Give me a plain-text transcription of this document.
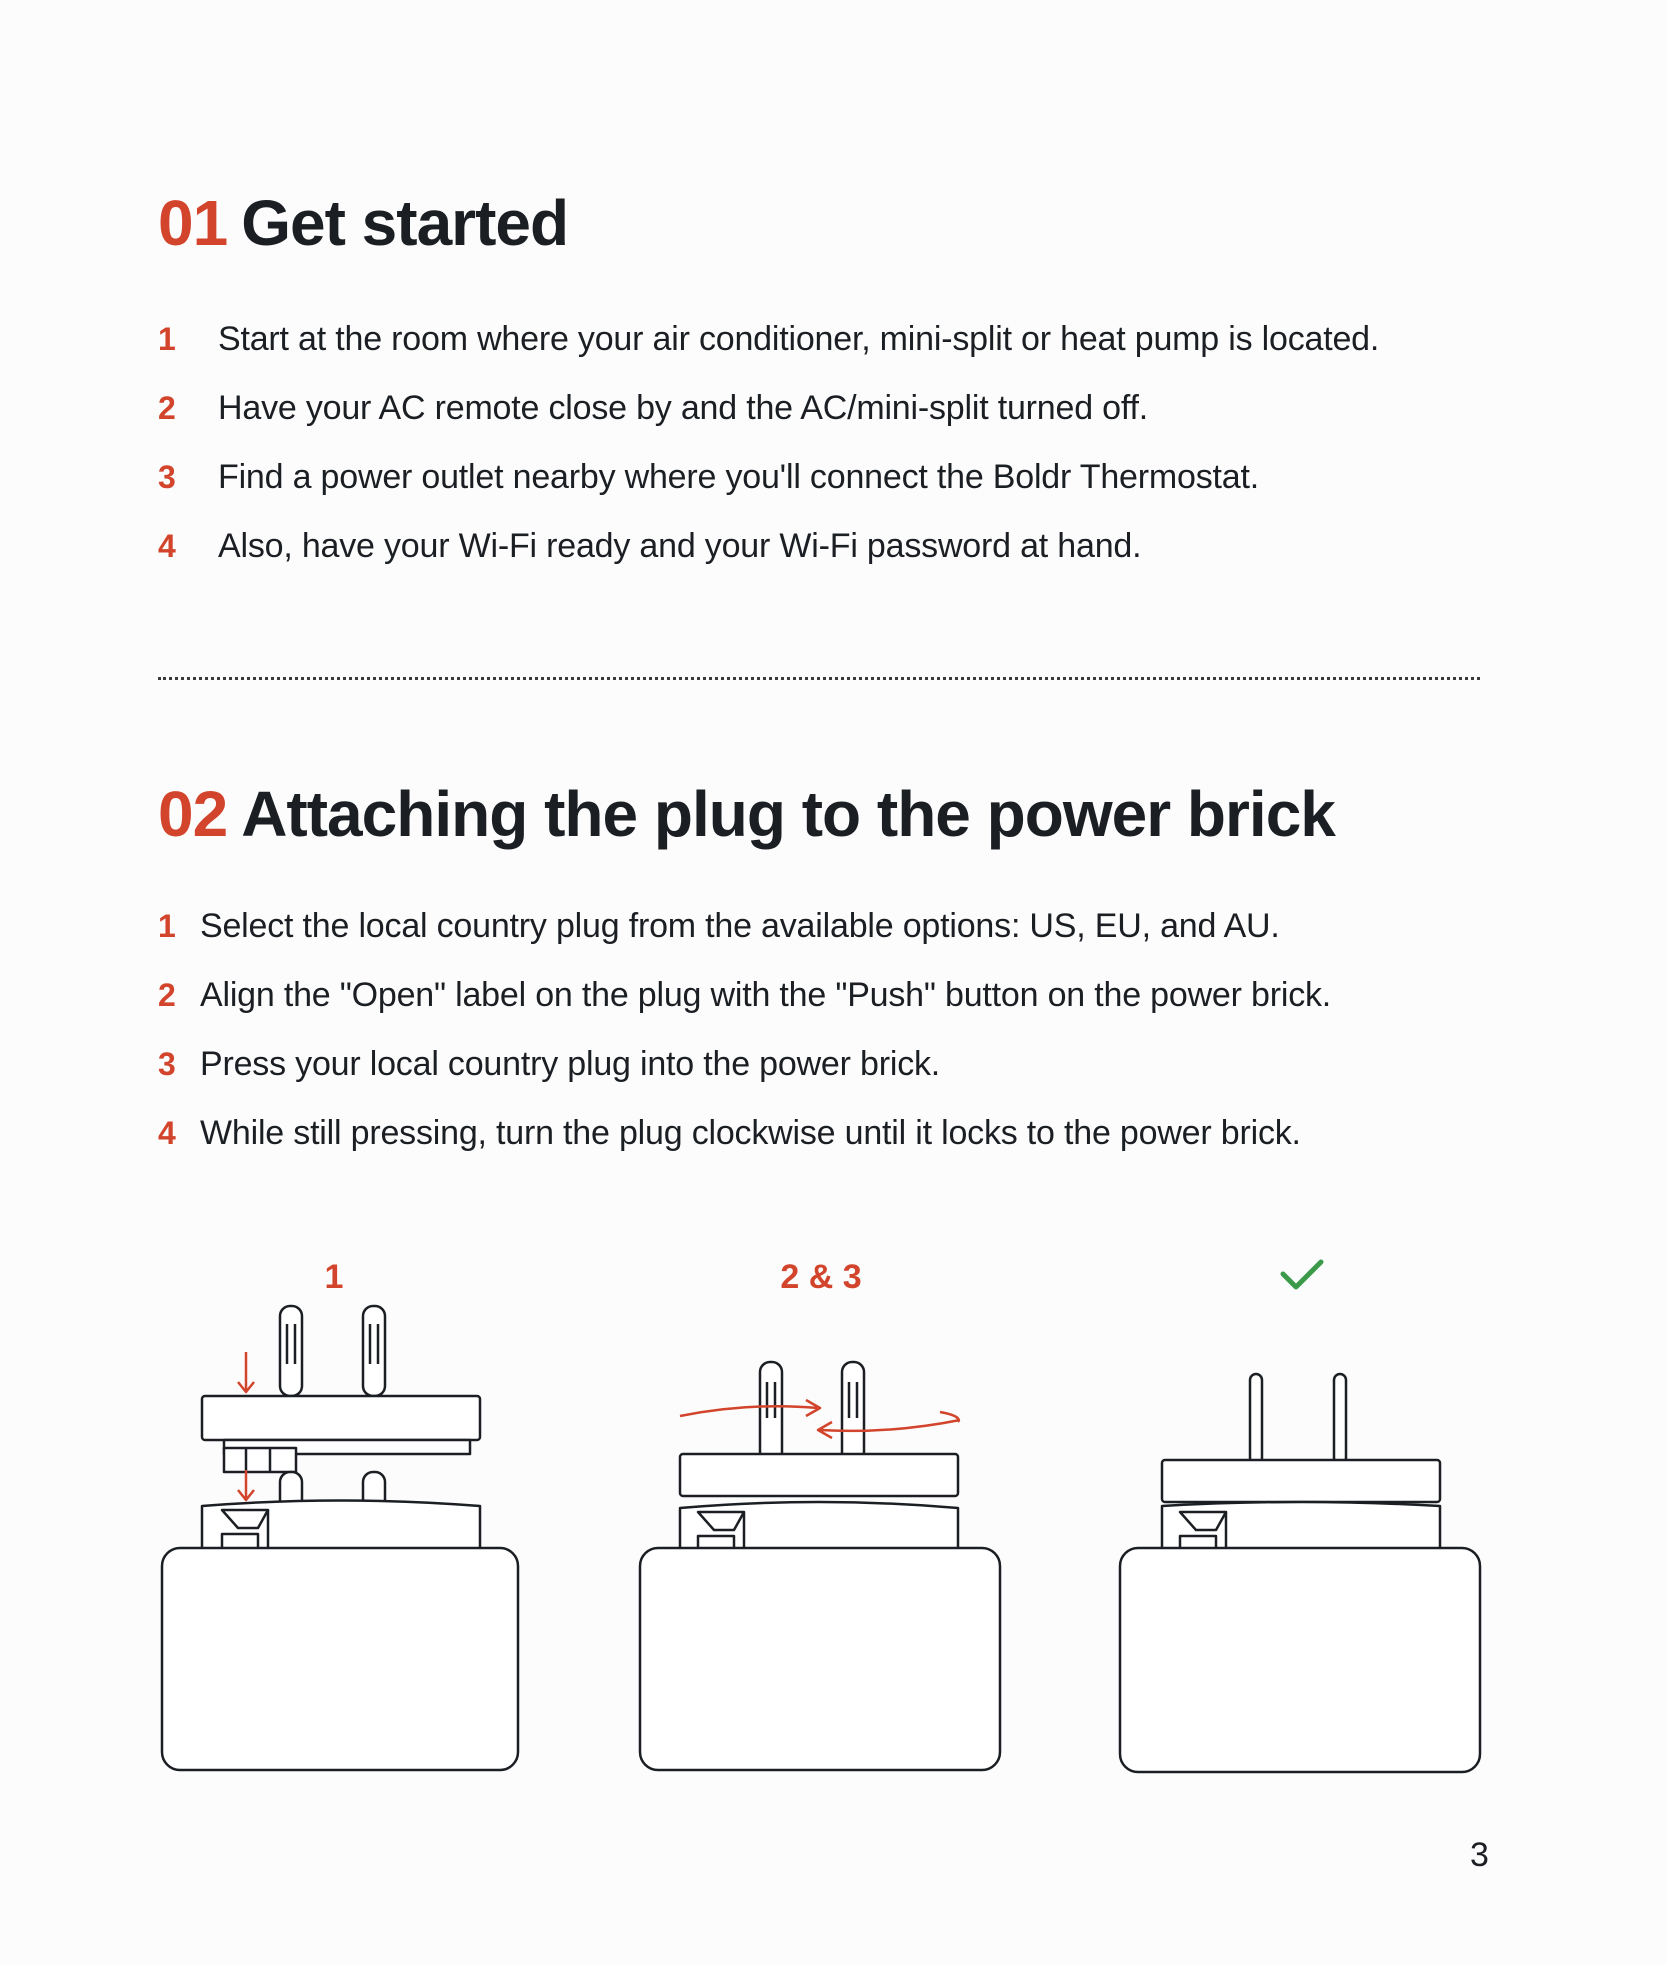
01 Get started
1 Start at the room where your air conditioner, mini-split or heat pump is located.
2 Have your AC remote close by and the AC/mini-split turned off.
3 Find a power outlet nearby where you'll connect the Boldr Thermostat.
4 Also, have your Wi-Fi ready and your Wi-Fi password at hand.
02 Attaching the plug to the power brick
1 Select the local country plug from the available options: US, EU, and AU.
2 Align the "Open" label on the plug with the "Push" button on the power brick.
3 Press your local country plug into the power brick.
4 While still pressing, turn the plug clockwise until it locks to the power brick.
1	2 & 3
3
